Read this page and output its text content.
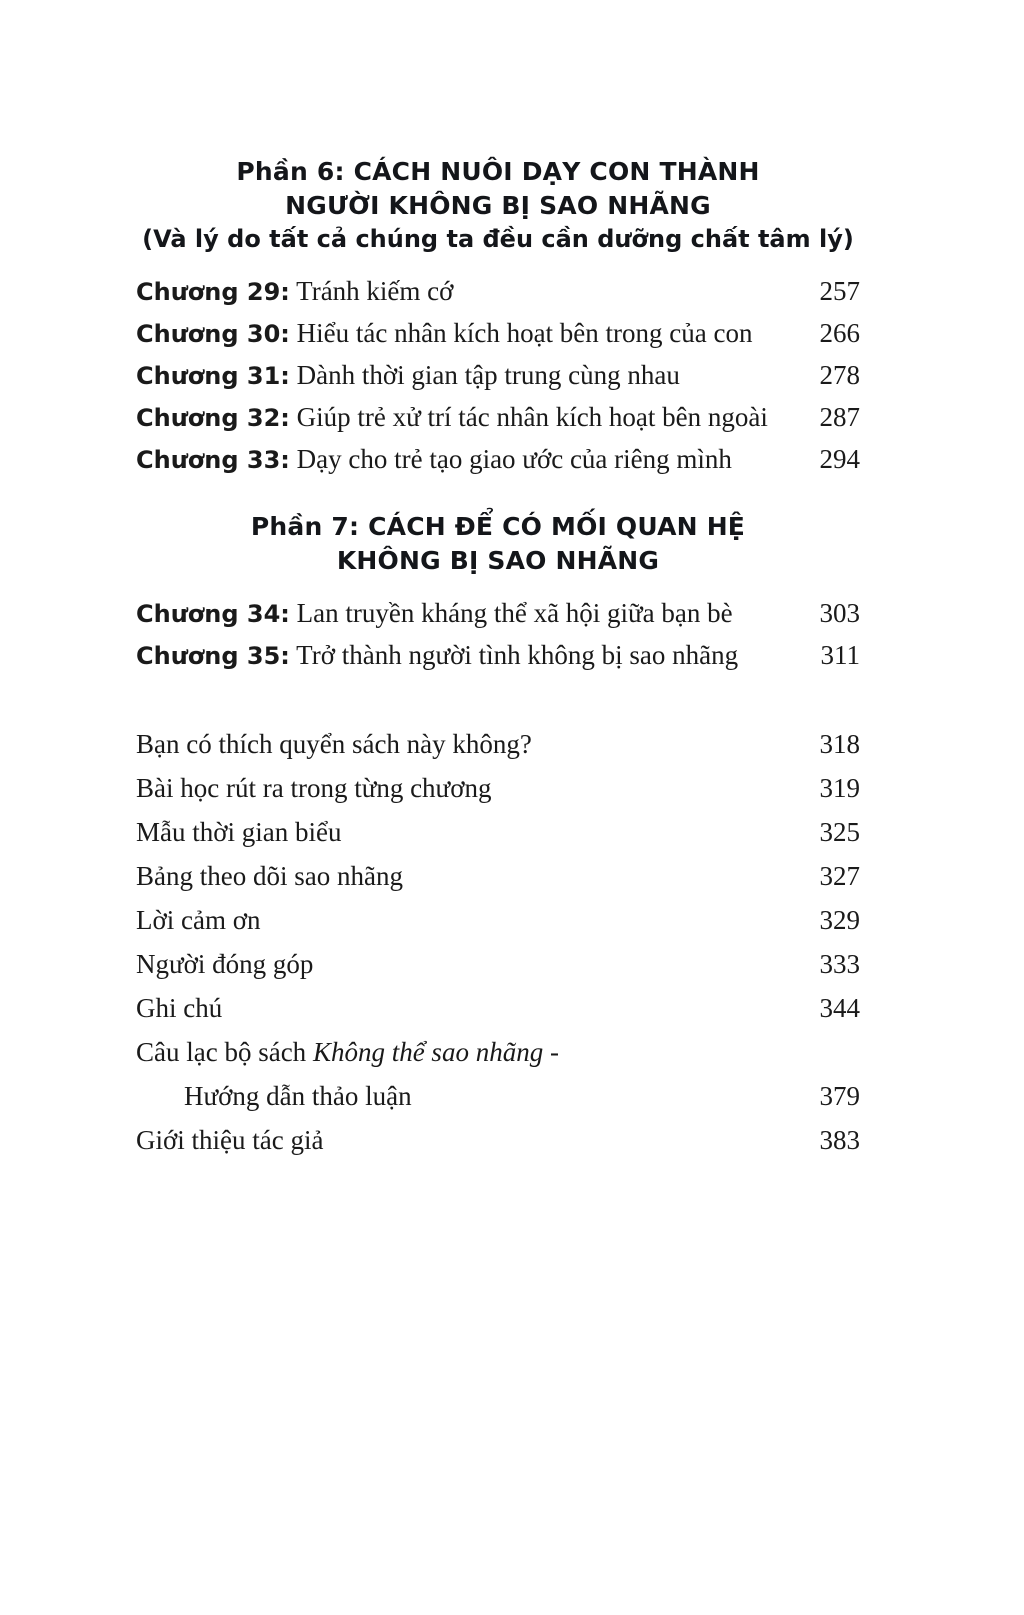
Phần 6: CÁCH NUÔI DẠY CON THÀNH
NGƯỜI KHÔNG BỊ SAO NHÃNG
(Và lý do tất cả chúng ta đều cần dưỡng chất tâm lý)
Chương 29: Tránh kiếm cớ	257
Chương 30: Hiểu tác nhân kích hoạt bên trong của con	266
Chương 31: Dành thời gian tập trung cùng nhau	278
Chương 32: Giúp trẻ xử trí tác nhân kích hoạt bên ngoài	287
Chương 33: Dạy cho trẻ tạo giao ước của riêng mình	294
Phần 7: CÁCH ĐỂ CÓ MỐI QUAN HỆ
KHÔNG BỊ SAO NHÃNG
Chương 34: Lan truyền kháng thể xã hội giữa bạn bè	303
Chương 35: Trở thành người tình không bị sao nhãng	311
Bạn có thích quyển sách này không?	318
Bài học rút ra trong từng chương	319
Mẫu thời gian biểu	325
Bảng theo dõi sao nhãng	327
Lời cảm ơn	329
Người đóng góp	333
Ghi chú	344
Câu lạc bộ sách Không thể sao nhãng -
Hướng dẫn thảo luận	379
Giới thiệu tác giả	383
